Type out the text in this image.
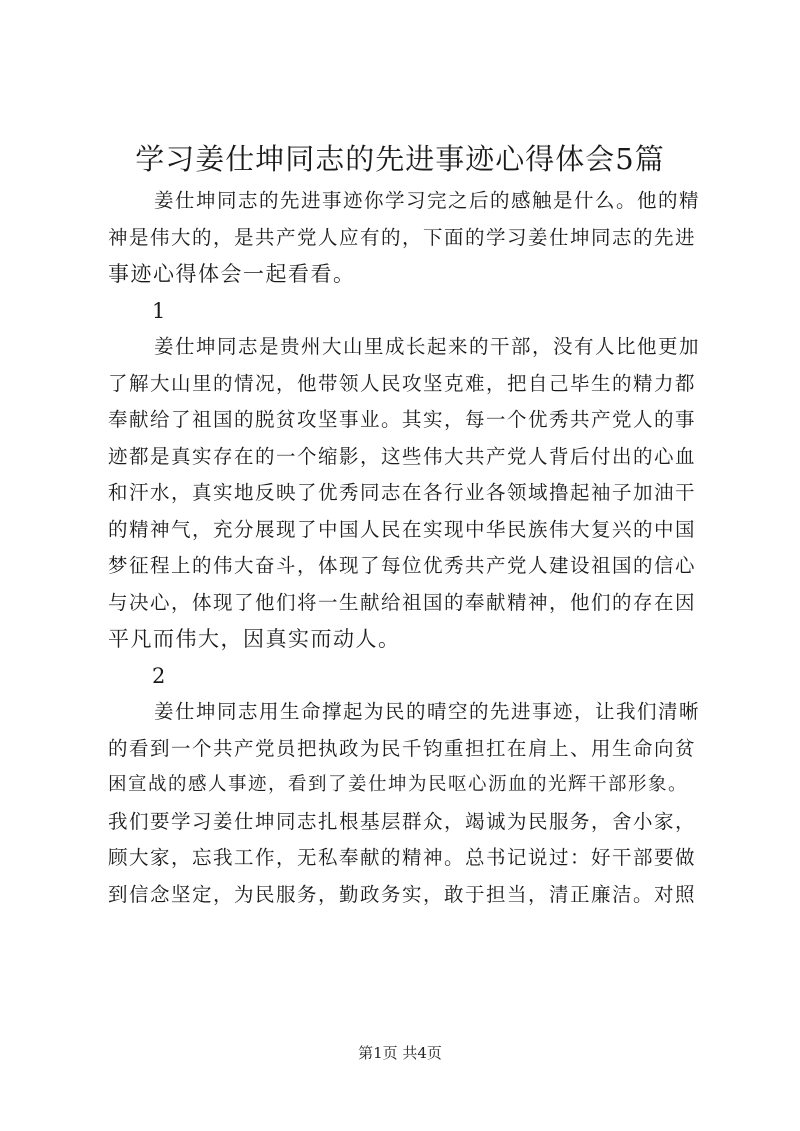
学习姜仕坤同志的先进事迹心得体会5篇
姜仕坤同志的先进事迹你学习完之后的感触是什么。他的精
神是伟大的，是共产党人应有的，下面的学习姜仕坤同志的先进
事迹心得体会一起看看。
1
姜仕坤同志是贵州大山里成长起来的干部，没有人比他更加
了解大山里的情况，他带领人民攻坚克难，把自己毕生的精力都
奉献给了祖国的脱贫攻坚事业。其实，每一个优秀共产党人的事
迹都是真实存在的一个缩影，这些伟大共产党人背后付出的心血
和汗水，真实地反映了优秀同志在各行业各领域撸起袖子加油干
的精神气，充分展现了中国人民在实现中华民族伟大复兴的中国
梦征程上的伟大奋斗，体现了每位优秀共产党人建设祖国的信心
与决心，体现了他们将一生献给祖国的奉献精神，他们的存在因
平凡而伟大，因真实而动人。
2
姜仕坤同志用生命撑起为民的晴空的先进事迹，让我们清晰
的看到一个共产党员把执政为民千钧重担扛在肩上、用生命向贫
困宣战的感人事迹，看到了姜仕坤为民呕心沥血的光辉干部形象。
我们要学习姜仕坤同志扎根基层群众，竭诚为民服务，舍小家，
顾大家，忘我工作，无私奉献的精神。总书记说过：好干部要做
到信念坚定，为民服务，勤政务实，敢于担当，清正廉洁。对照
第1页 共4页
